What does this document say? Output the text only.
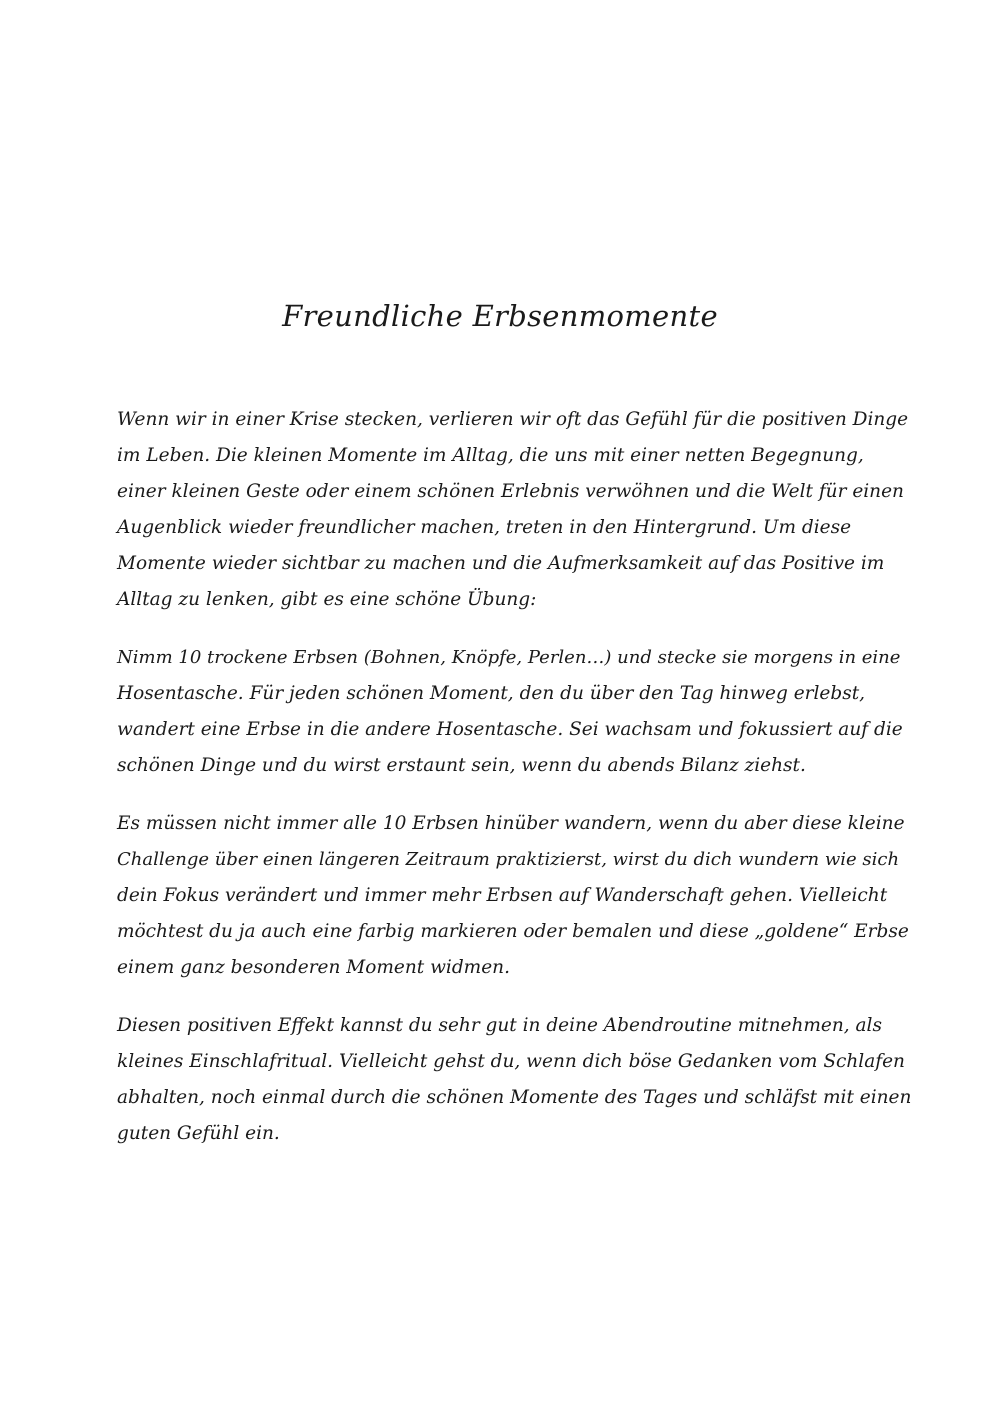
Freundliche Erbsenmomente

Wenn wir in einer Krise stecken, verlieren wir oft das Gefühl für die positiven Dinge
im Leben. Die kleinen Momente im Alltag, die uns mit einer netten Begegnung,
einer kleinen Geste oder einem schönen Erlebnis verwöhnen und die Welt für einen
Augenblick wieder freundlicher machen, treten in den Hintergrund. Um diese
Momente wieder sichtbar zu machen und die Aufmerksamkeit auf das Positive im
Alltag zu lenken, gibt es eine schöne Übung:

Nimm 10 trockene Erbsen (Bohnen, Knöpfe, Perlen…) und stecke sie morgens in eine
Hosentasche. Für jeden schönen Moment, den du über den Tag hinweg erlebst,
wandert eine Erbse in die andere Hosentasche. Sei wachsam und fokussiert auf die
schönen Dinge und du wirst erstaunt sein, wenn du abends Bilanz ziehst.

Es müssen nicht immer alle 10 Erbsen hinüber wandern, wenn du aber diese kleine
Challenge über einen längeren Zeitraum praktizierst, wirst du dich wundern wie sich
dein Fokus verändert und immer mehr Erbsen auf Wanderschaft gehen. Vielleicht
möchtest du ja auch eine farbig markieren oder bemalen und diese „goldene“ Erbse
einem ganz besonderen Moment widmen.

Diesen positiven Effekt kannst du sehr gut in deine Abendroutine mitnehmen, als
kleines Einschlafritual. Vielleicht gehst du, wenn dich böse Gedanken vom Schlafen
abhalten, noch einmal durch die schönen Momente des Tages und schläfst mit einen
guten Gefühl ein.
